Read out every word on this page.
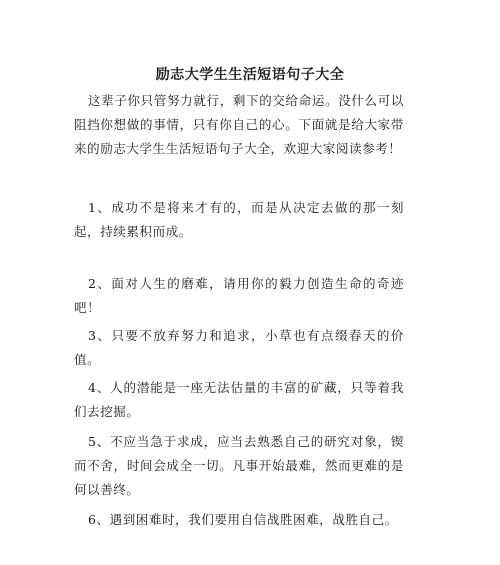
励志大学生生活短语句子大全

这辈子你只管努力就行，剩下的交给命运。没什么可以阻挡你想做的事情，只有你自己的心。下面就是给大家带来的励志大学生生活短语句子大全，欢迎大家阅读参考！

1、成功不是将来才有的，而是从决定去做的那一刻起，持续累积而成。

2、面对人生的磨难，请用你的毅力创造生命的奇迹吧！

3、只要不放弃努力和追求，小草也有点缀春天的价值。

4、人的潜能是一座无法估量的丰富的矿藏，只等着我们去挖掘。

5、不应当急于求成，应当去熟悉自己的研究对象，锲而不舍，时间会成全一切。凡事开始最难，然而更难的是何以善终。

6、遇到困难时，我们要用自信战胜困难，战胜自己。
